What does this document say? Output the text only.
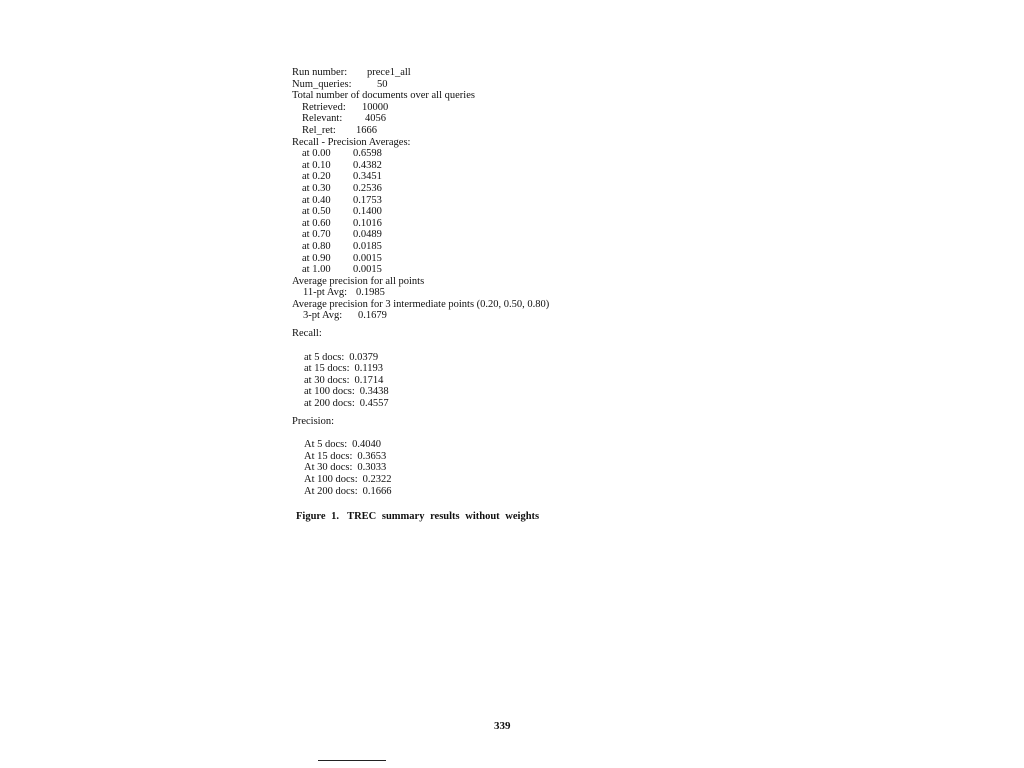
Run number: prece1_all
Num_queries: 50
Total number of documents over all queries
Retrieved: 10000
Relevant: 4056
Rel_ret: 1666
Recall - Precision Averages:
at 0.00 0.6598
at 0.10 0.4382
at 0.20 0.3451
at 0.30 0.2536
at 0.40 0.1753
at 0.50 0.1400
at 0.60 0.1016
at 0.70 0.0489
at 0.80 0.0185
at 0.90 0.0015
at 1.00 0.0015
Average precision for all points
11-pt Avg: 0.1985
Average precision for 3 intermediate points (0.20, 0.50, 0.80)
3-pt Avg: 0.1679
Recall:
at 5 docs: 0.0379
at 15 docs: 0.1193
at 30 docs: 0.1714
at 100 docs: 0.3438
at 200 docs: 0.4557
Precision:
At 5 docs: 0.4040
At 15 docs: 0.3653
At 30 docs: 0.3033
At 100 docs: 0.2322
At 200 docs: 0.1666
Figure 1. TREC summary results without weights
339
